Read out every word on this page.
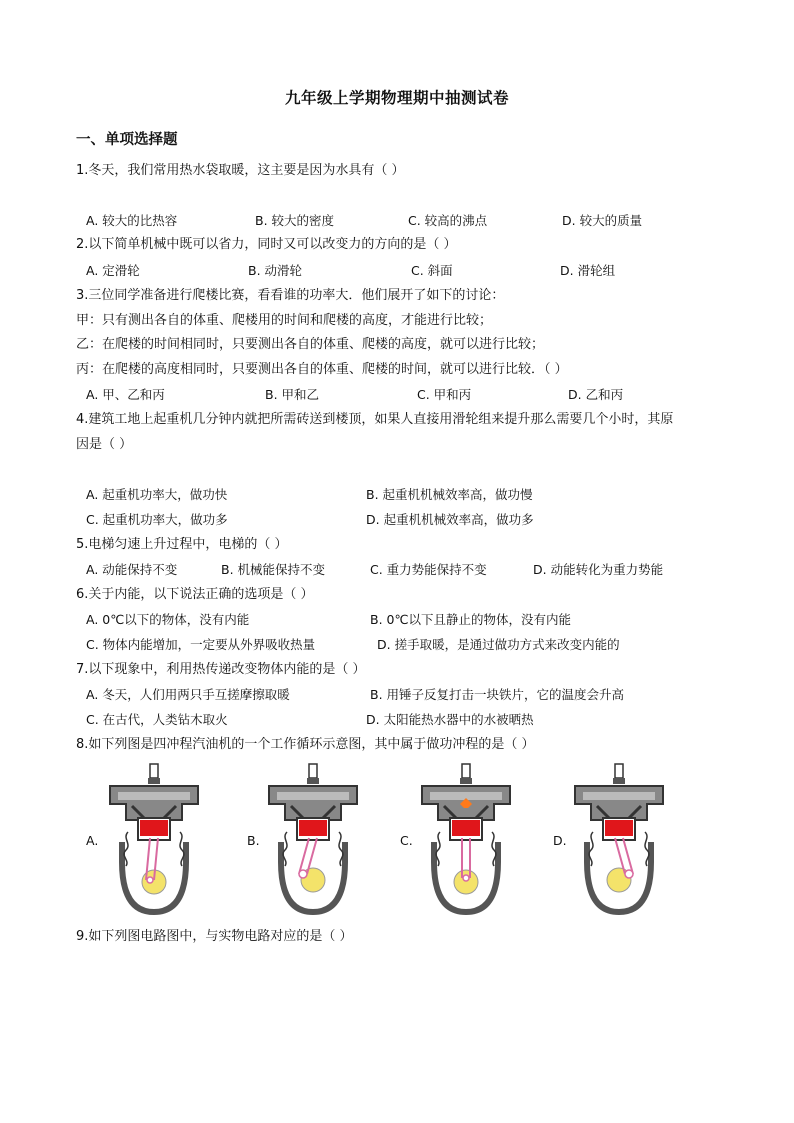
九年级上学期物理期中抽测试卷
一、单项选择题
1.冬天，我们常用热水袋取暖，这主要是因为水具有（ ）
A. 较大的比热容	B. 较大的密度	C. 较高的沸点	D. 较大的质量
2.以下简单机械中既可以省力，同时又可以改变力的方向的是（ ）
A. 定滑轮	B. 动滑轮	C. 斜面	D. 滑轮组
3.三位同学准备进行爬楼比赛，看看谁的功率大．他们展开了如下的讨论：
甲：只有测出各自的体重、爬楼用的时间和爬楼的高度，才能进行比较；
乙：在爬楼的时间相同时，只要测出各自的体重、爬楼的高度，就可以进行比较；
丙：在爬楼的高度相同时，只要测出各自的体重、爬楼的时间，就可以进行比较．（ ）
A. 甲、乙和丙	B. 甲和乙	C. 甲和丙	D. 乙和丙
4.建筑工地上起重机几分钟内就把所需砖送到楼顶，如果人直接用滑轮组来提升那么需要几个小时，其原
因是（ ）
A. 起重机功率大，做功快	B. 起重机机械效率高，做功慢
C. 起重机功率大，做功多	D. 起重机机械效率高，做功多
5.电梯匀速上升过程中，电梯的（ ）
A. 动能保持不变	B. 机械能保持不变	C. 重力势能保持不变	D. 动能转化为重力势能
6.关于内能，以下说法正确的选项是（ ）
A. 0℃以下的物体，没有内能	B. 0℃以下且静止的物体，没有内能
C. 物体内能增加，一定要从外界吸收热量	D. 搓手取暖，是通过做功方式来改变内能的
7.以下现象中，利用热传递改变物体内能的是（ ）
A. 冬天，人们用两只手互搓摩擦取暖	B. 用锤子反复打击一块铁片，它的温度会升高
C. 在古代，人类钻木取火	D. 太阳能热水器中的水被晒热
8.如下列图是四冲程汽油机的一个工作循环示意图，其中属于做功冲程的是（ ）
A.	B.	C.	D.
9.如下列图电路图中，与实物电路对应的是（ ）
